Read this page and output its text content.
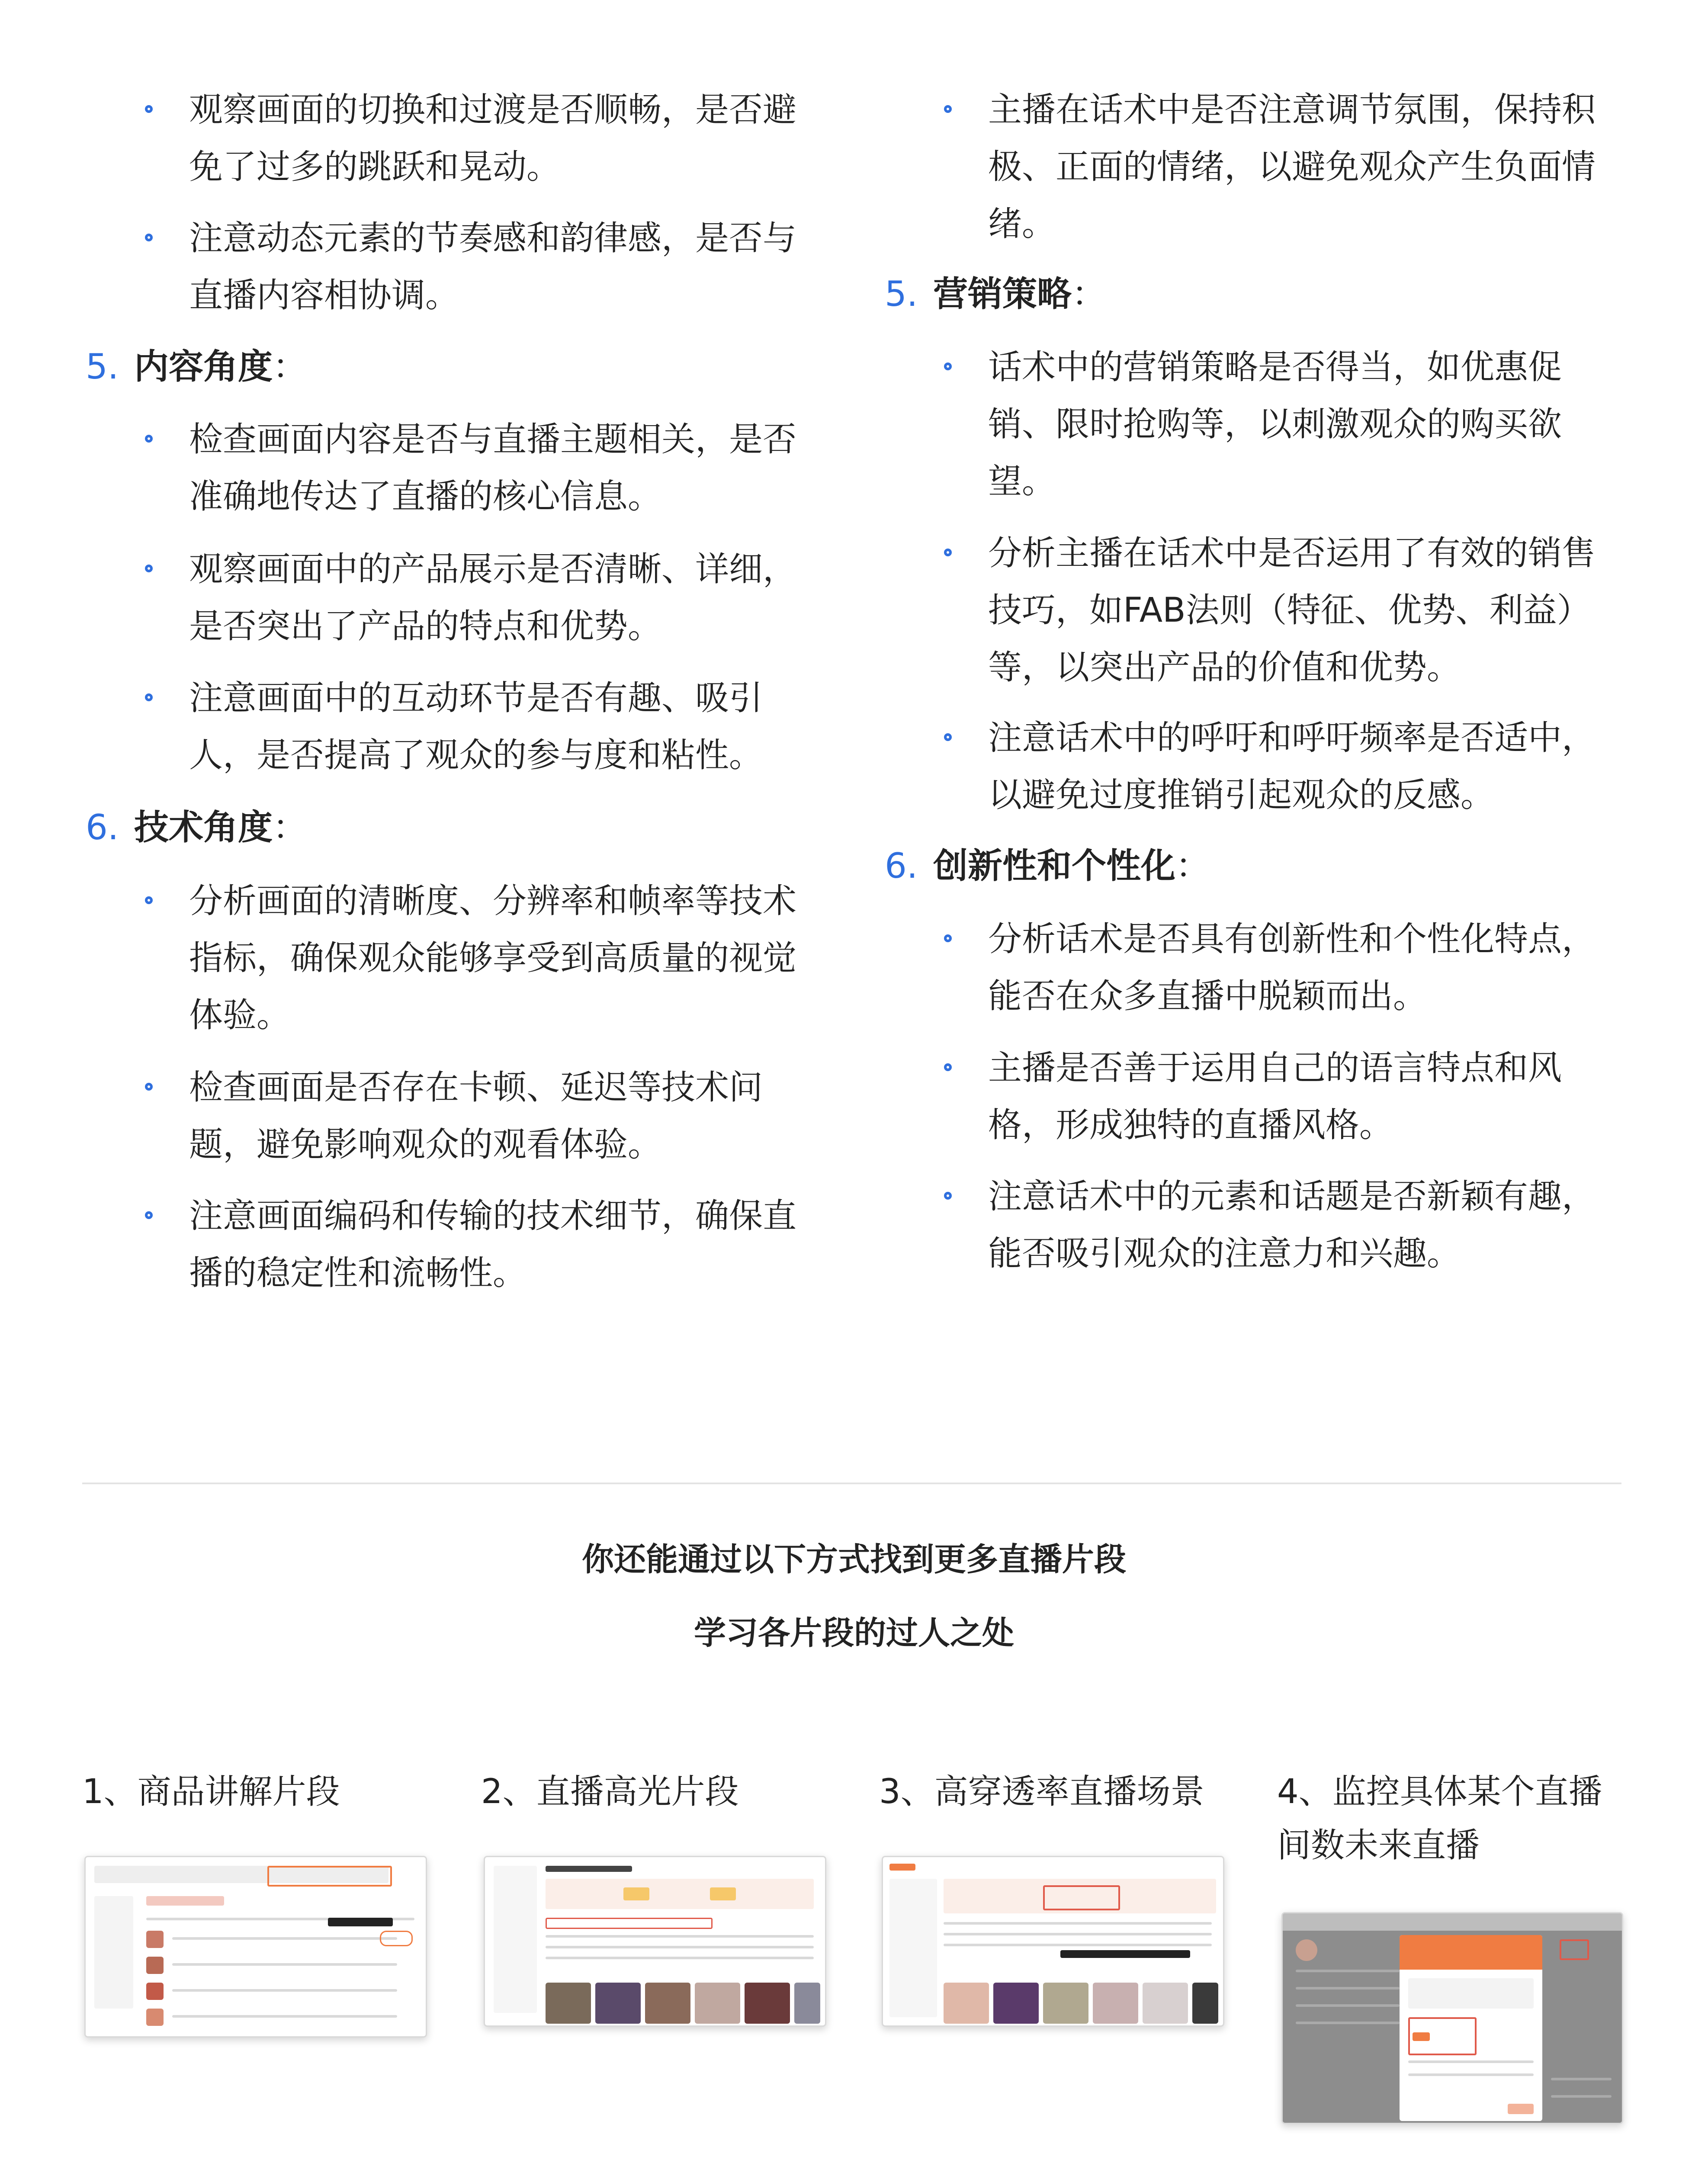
观察画面的切换和过渡是否顺畅，是否避免了过多的跳跃和晃动。
注意动态元素的节奏感和韵律感，是否与直播内容相协调。
5. 内容角度：
检查画面内容是否与直播主题相关，是否准确地传达了直播的核心信息。
观察画面中的产品展示是否清晰、详细，是否突出了产品的特点和优势。
注意画面中的互动环节是否有趣、吸引人，是否提高了观众的参与度和粘性。
6. 技术角度：
分析画面的清晰度、分辨率和帧率等技术指标，确保观众能够享受到高质量的视觉体验。
检查画面是否存在卡顿、延迟等技术问题，避免影响观众的观看体验。
注意画面编码和传输的技术细节，确保直播的稳定性和流畅性。
主播在话术中是否注意调节氛围，保持积极、正面的情绪，以避免观众产生负面情绪。
5. 营销策略：
话术中的营销策略是否得当，如优惠促销、限时抢购等，以刺激观众的购买欲望。
分析主播在话术中是否运用了有效的销售技巧，如FAB法则（特征、优势、利益）等，以突出产品的价值和优势。
注意话术中的呼吁和呼吁频率是否适中，以避免过度推销引起观众的反感。
6. 创新性和个性化：
分析话术是否具有创新性和个性化特点，能否在众多直播中脱颖而出。
主播是否善于运用自己的语言特点和风格，形成独特的直播风格。
注意话术中的元素和话题是否新颖有趣，能否吸引观众的注意力和兴趣。
你还能通过以下方式找到更多直播片段
学习各片段的过人之处
1、商品讲解片段	2、直播高光片段	3、高穿透率直播场景 4、监控具体某个直播
间数未来直播
